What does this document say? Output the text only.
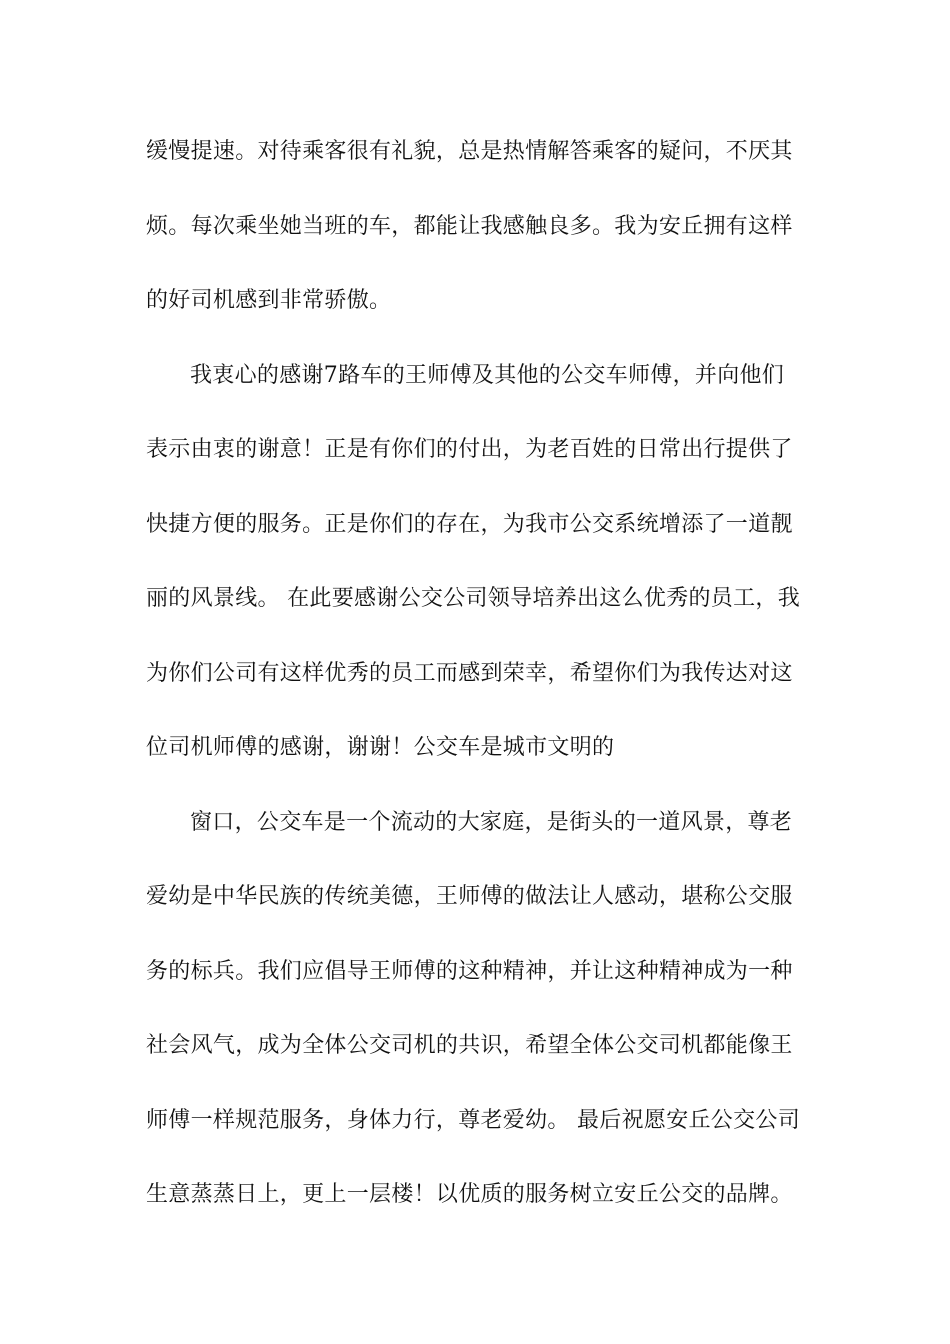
缓慢提速。对待乘客很有礼貌，总是热情解答乘客的疑问，不厌其
烦。每次乘坐她当班的车，都能让我感触良多。我为安丘拥有这样
的好司机感到非常骄傲。
我衷心的感谢7路车的王师傅及其他的公交车师傅，并向他们
表示由衷的谢意！正是有你们的付出，为老百姓的日常出行提供了
快捷方便的服务。正是你们的存在，为我市公交系统增添了一道靓
丽的风景线。 在此要感谢公交公司领导培养出这么优秀的员工，我
为你们公司有这样优秀的员工而感到荣幸，希望你们为我传达对这
位司机师傅的感谢，谢谢！公交车是城市文明的
窗口，公交车是一个流动的大家庭，是街头的一道风景，尊老
爱幼是中华民族的传统美德，王师傅的做法让人感动，堪称公交服
务的标兵。我们应倡导王师傅的这种精神，并让这种精神成为一种
社会风气，成为全体公交司机的共识，希望全体公交司机都能像王
师傅一样规范服务，身体力行，尊老爱幼。 最后祝愿安丘公交公司
生意蒸蒸日上，更上一层楼！以优质的服务树立安丘公交的品牌。
